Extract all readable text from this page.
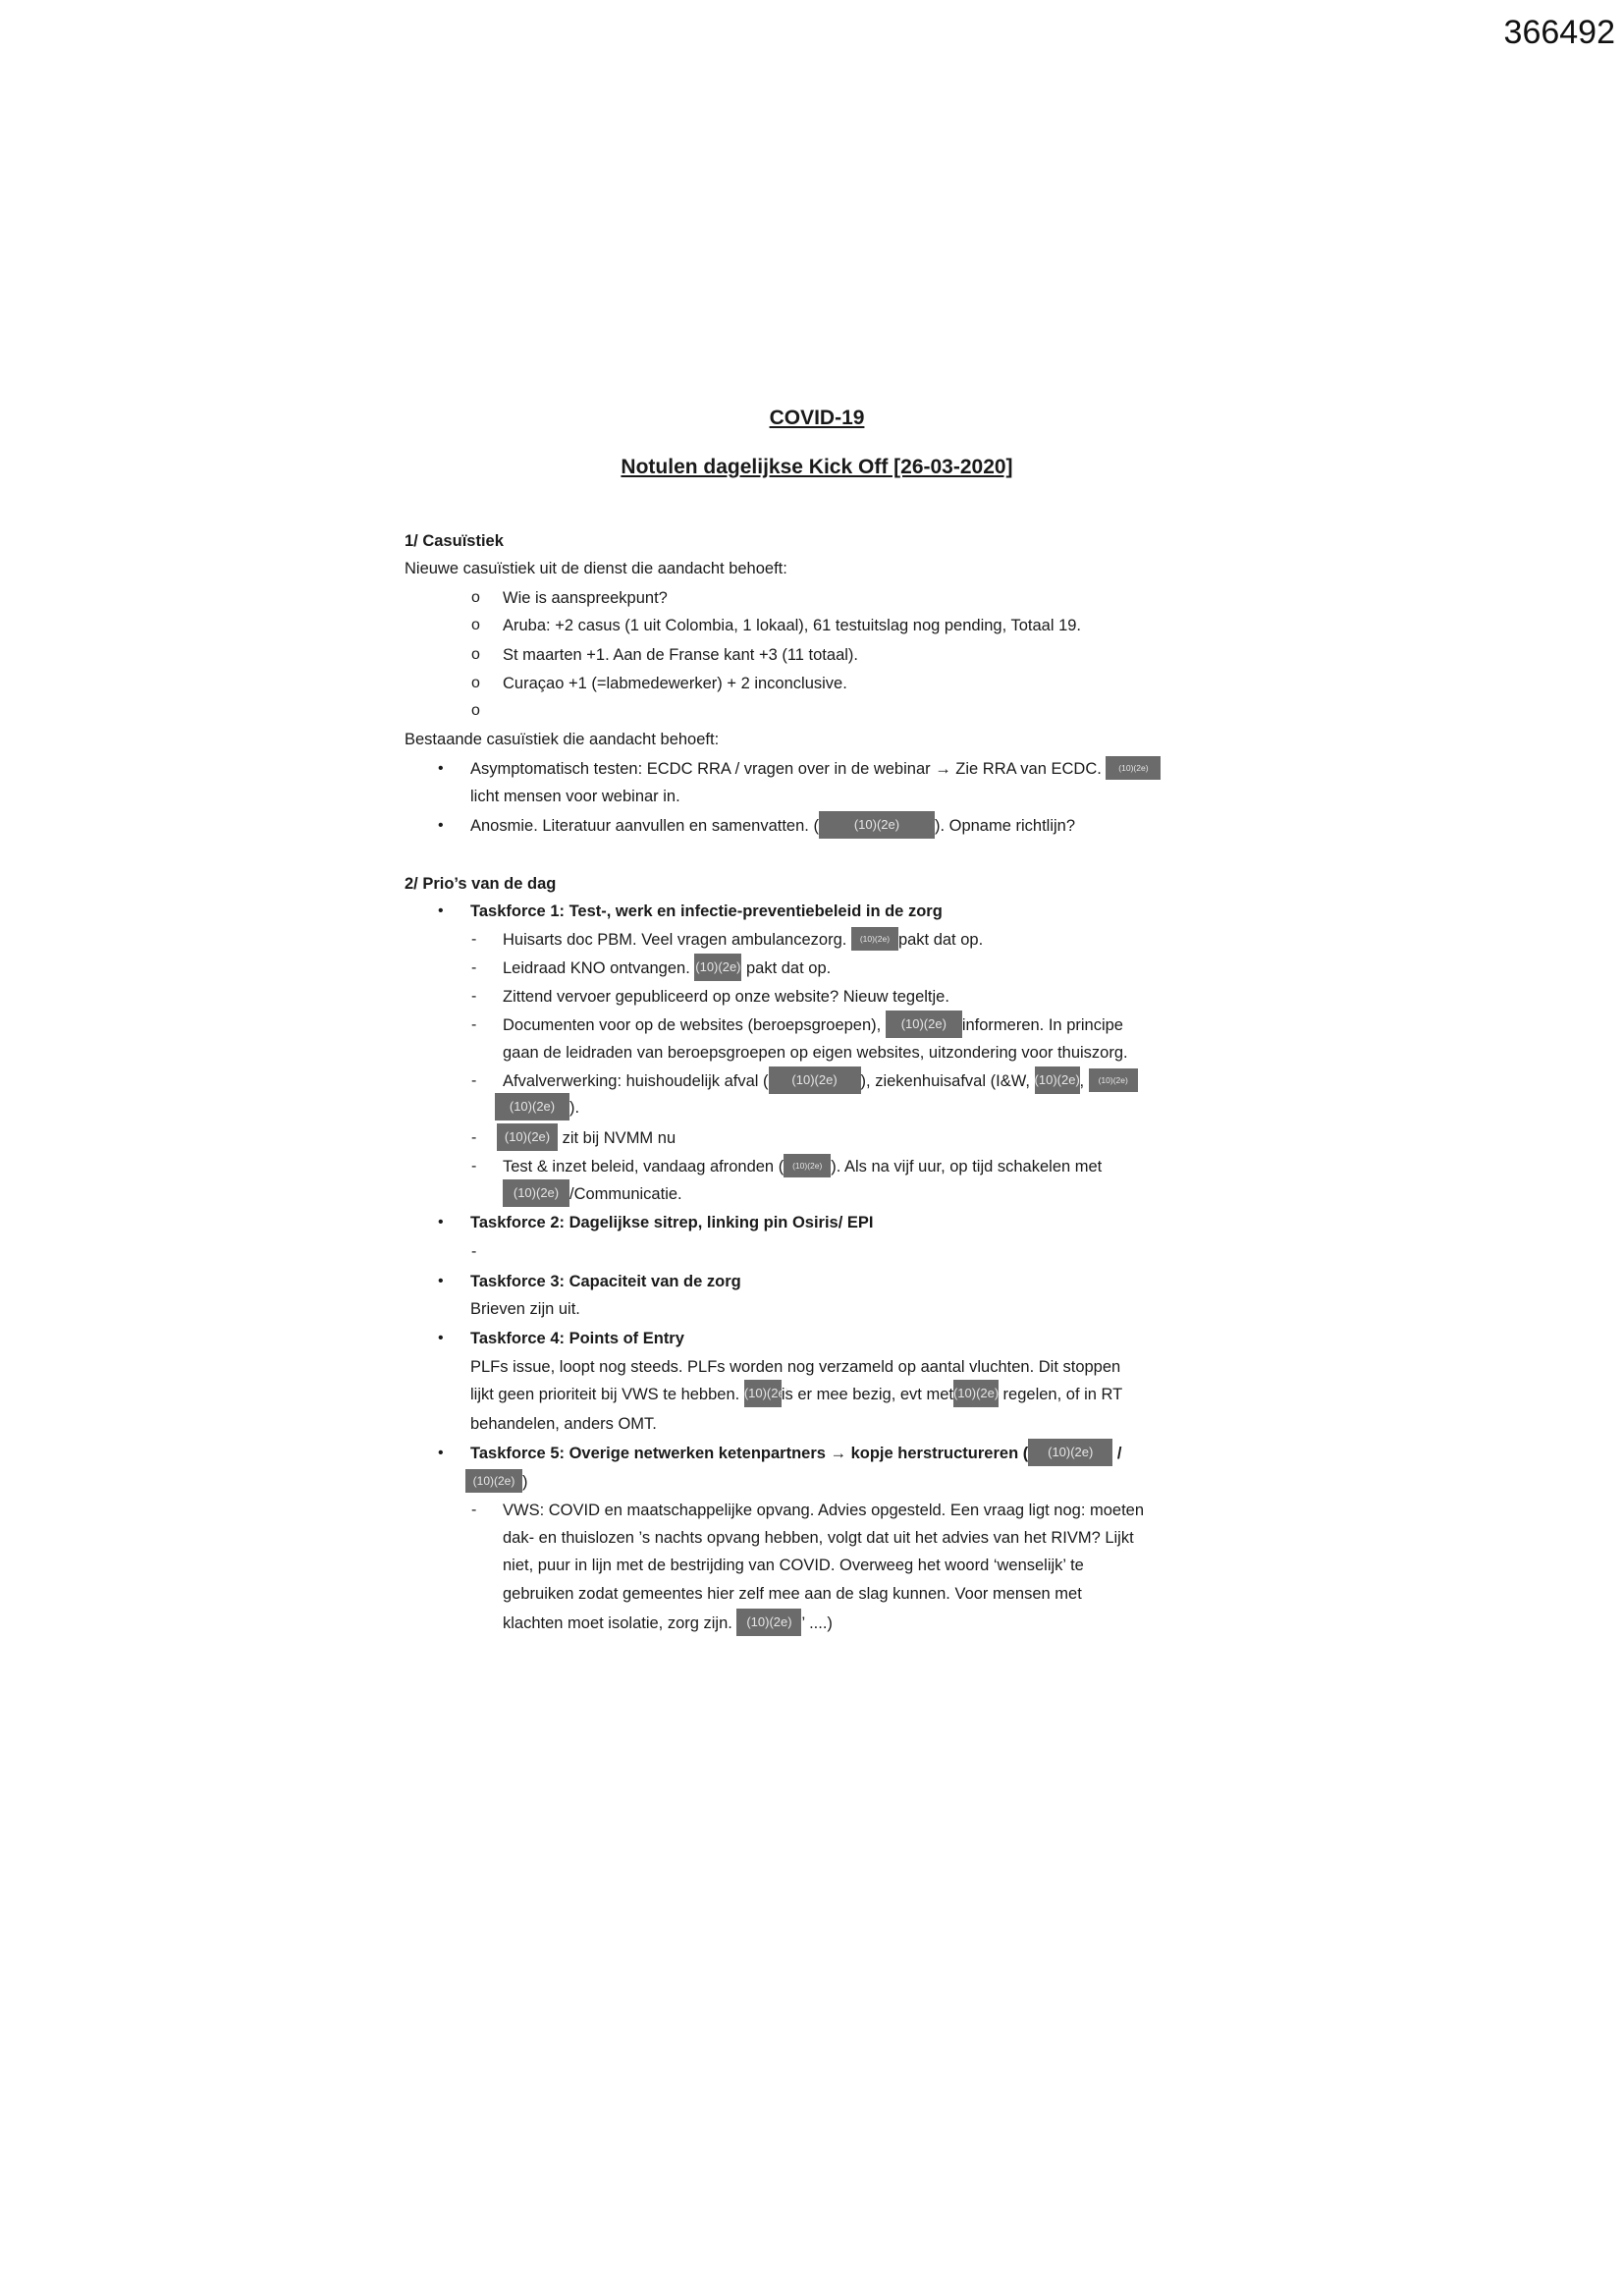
366492
COVID-19
Notulen dagelijkse Kick Off [26-03-2020]
1/ Casuïstiek
Nieuwe casuïstiek uit de dienst die aandacht behoeft:
o Wie is aanspreekpunt?
o Aruba: +2 casus (1 uit Colombia, 1 lokaal), 61 testuitslag nog pending, Totaal 19.
o St maarten +1. Aan de Franse kant +3 (11 totaal).
o Curaçao +1 (=labmedewerker) + 2 inconclusive.
o
Bestaande casuïstiek die aandacht behoeft:
• Asymptomatisch testen: ECDC RRA / vragen over in de webinar → Zie RRA van ECDC. (10)(2e)
licht mensen voor webinar in.
• Anosmie. Literatuur aanvullen en samenvatten. (	(10)(2e) ). Opname richtlijn?
2/ Prio’s van de dag
• Taskforce 1: Test-, werk en infectie-preventiebeleid in de zorg
- Huisarts doc PBM. Veel vragen ambulancezorg. (10)(2e) pakt dat op.
- Leidraad KNO ontvangen. (10)(2e) pakt dat op.
- Zittend vervoer gepubliceerd op onze website? Nieuw tegeltje.
- Documenten voor op de websites (beroepsgroepen), (10)(2e) informeren. In principe
gaan de leidraden van beroepsgroepen op eigen websites, uitzondering voor thuiszorg.
- Afvalverwerking: huishoudelijk afval ( (10)(2e) ), ziekenhuisafval (I&W, (10)(2e), (10)(2e)
(10)(2e) ).
-	(10)(2e) zit bij NVMM nu
- Test & inzet beleid, vandaag afronden ( (10)(2e) ). Als na vijf uur, op tijd schakelen met
(10)(2e) /Communicatie.
• Taskforce 2: Dagelijkse sitrep, linking pin Osiris/ EPI
-
• Taskforce 3: Capaciteit van de zorg
Brieven zijn uit.
• Taskforce 4: Points of Entry
PLFs issue, loopt nog steeds. PLFs worden nog verzameld op aantal vluchten. Dit stoppen
lijkt geen prioriteit bij VWS te hebben. (10)(2e)is er mee bezig, evt met(10)(2e) regelen, of in RT
behandelen, anders OMT.
• Taskforce 5: Overige netwerken ketenpartners → kopje herstructureren ( (10)(2e) /
(10)(2e) )
- VWS: COVID en maatschappelijke opvang. Advies opgesteld. Een vraag ligt nog: moeten
dak- en thuislozen ’s nachts opvang hebben, volgt dat uit het advies van het RIVM? Lijkt
niet, puur in lijn met de bestrijding van COVID. Overweeg het woord ‘wenselijk’ te
gebruiken zodat gemeentes hier zelf mee aan de slag kunnen. Voor mensen met
klachten moet isolatie, zorg zijn. (10)(2e) ’ ....)
